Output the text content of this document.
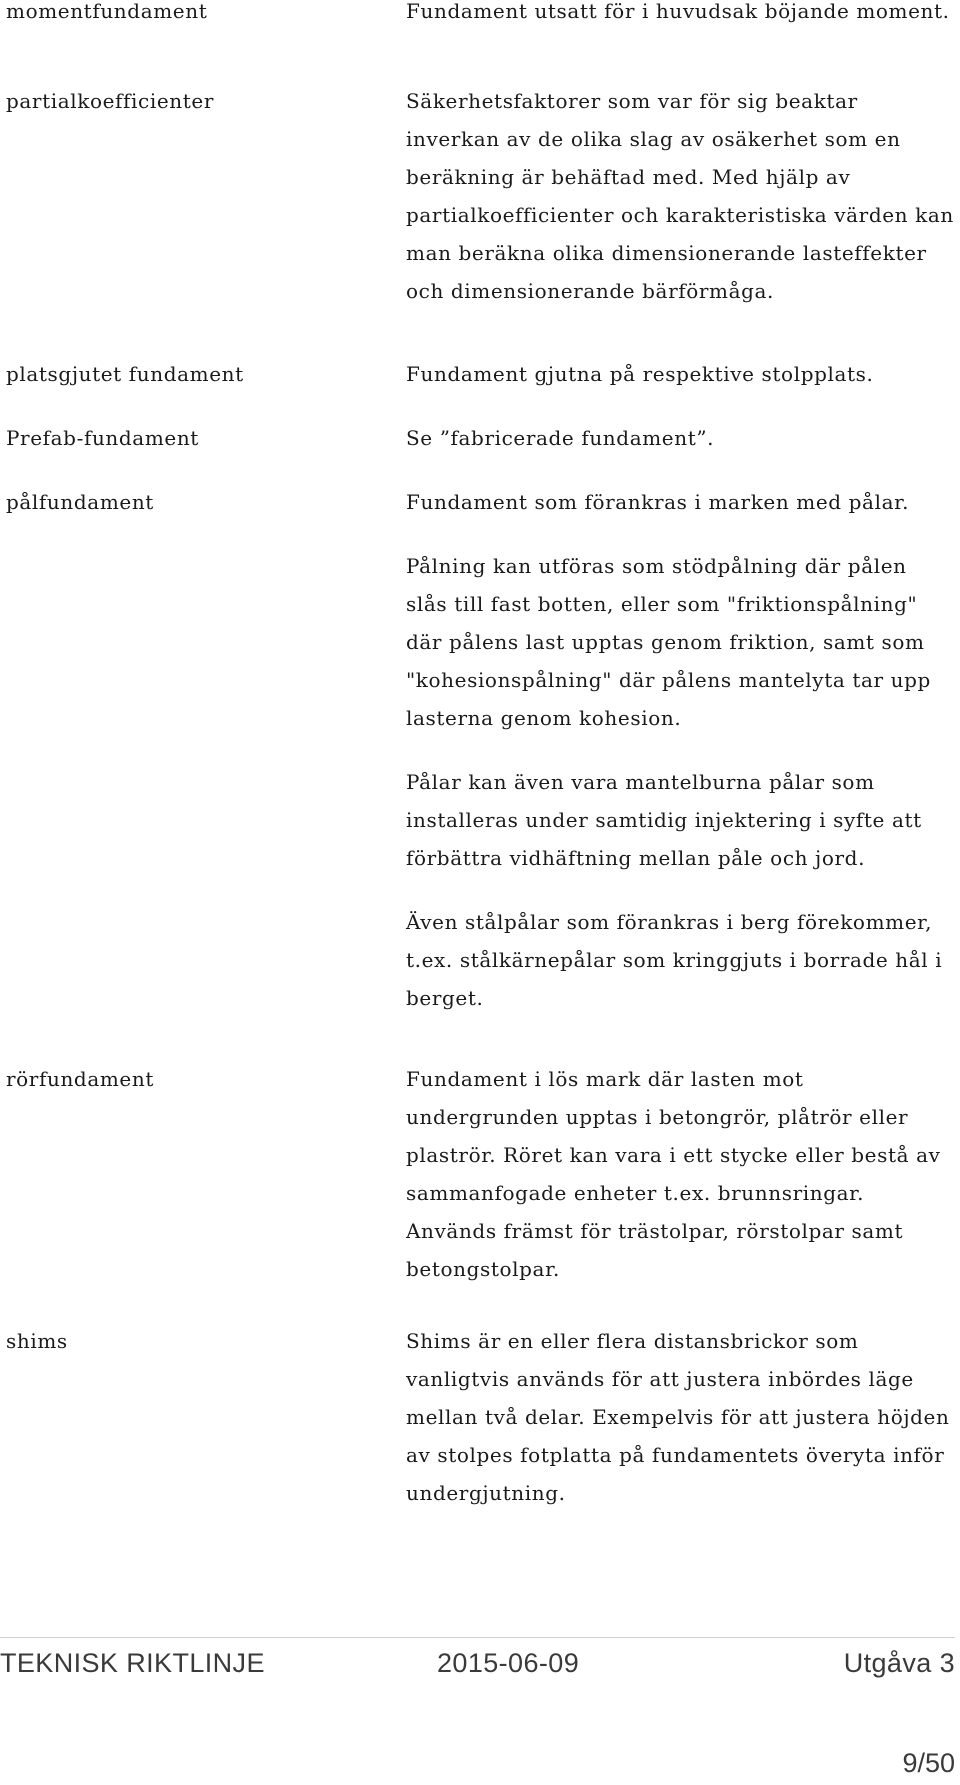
momentfundament	Fundament utsatt för i huvudsak böjande moment.

partialkoefficienter	Säkerhetsfaktorer som var för sig beaktar inverkan av de olika slag av osäkerhet som en beräkning är behäftad med. Med hjälp av partialkoefficienter och karakteristiska värden kan man beräkna olika dimensionerande lasteffekter och dimensionerande bärförmåga.

platsgjutet fundament	Fundament gjutna på respektive stolpplats.

Prefab-fundament	Se ”fabricerade fundament”.

pålfundament	Fundament som förankras i marken med pålar.

Pålning kan utföras som stödpålning där pålen slås till fast botten, eller som "friktionspålning" där pålens last upptas genom friktion, samt som "kohesionspålning" där pålens mantelyta tar upp lasterna genom kohesion.

Pålar kan även vara mantelburna pålar som installeras under samtidig injektering i syfte att förbättra vidhäftning mellan påle och jord.

Även stålpålar som förankras i berg förekommer, t.ex. stålkärnepålar som kringgjuts i borrade hål i berget.

rörfundament	Fundament i lös mark där lasten mot undergrunden upptas i betongrör, plåtrör eller plaströr. Röret kan vara i ett stycke eller bestå av sammanfogade enheter t.ex. brunnsringar. Används främst för trästolpar, rörstolpar samt betongstolpar.

shims	Shims är en eller flera distansbrickor som vanligtvis används för att justera inbördes läge mellan två delar. Exempelvis för att justera höjden av stolpes fotplatta på fundamentets överyta inför undergjutning.

TEKNISK RIKTLINJE	2015-06-09	Utgåva 3
9/50
